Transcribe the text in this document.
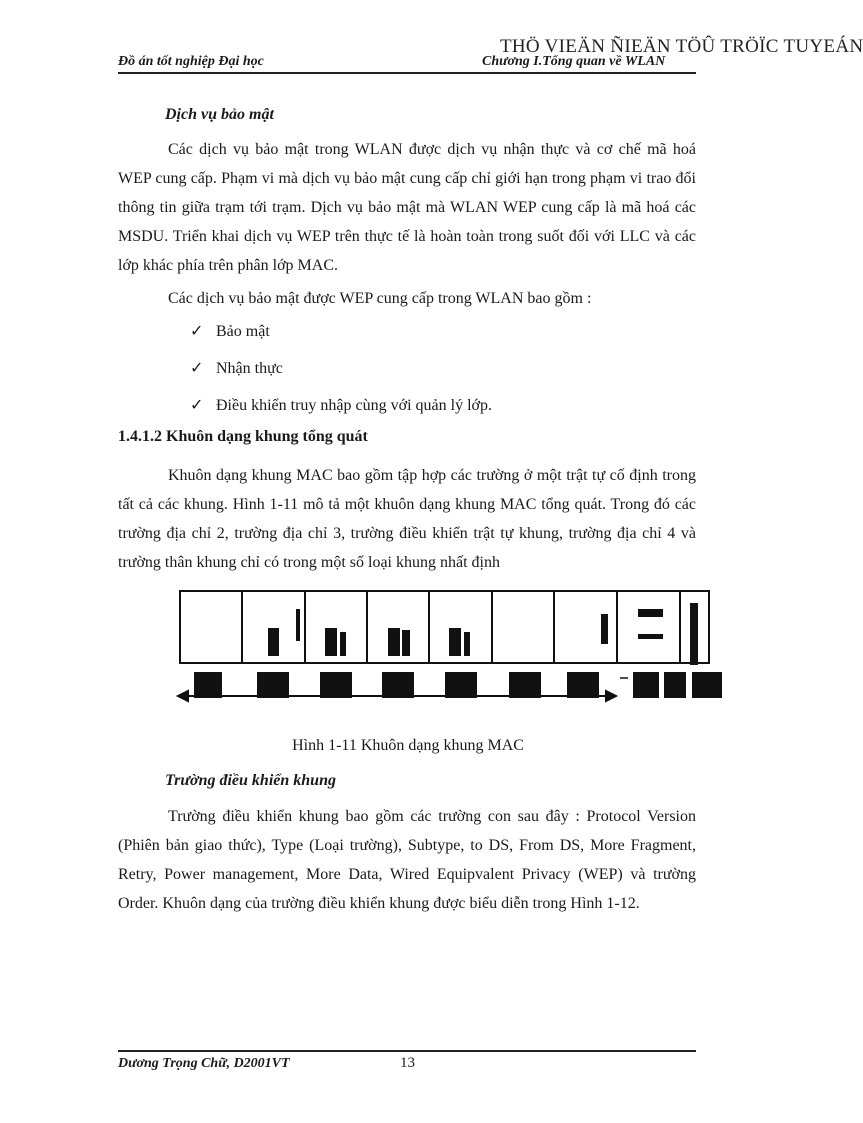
THÖ VIEÄN ÑIEÄN TÖÛ TRÖÏC TUYEÁN
Đồ án tốt nghiệp Đại học	Chương I.Tổng quan về WLAN
Dịch vụ bảo mật

Các dịch vụ bảo mật trong WLAN được dịch vụ nhận thực và cơ chế mã hoá WEP cung cấp. Phạm vi mà dịch vụ bảo mật cung cấp chỉ giới hạn trong phạm vi trao đổi thông tin giữa trạm tới trạm. Dịch vụ bảo mật mà WLAN WEP cung cấp là mã hoá các MSDU. Triển khai dịch vụ WEP trên thực tế là hoàn toàn trong suốt đối với LLC và các lớp khác phía trên phân lớp MAC.

Các dịch vụ bảo mật được WEP cung cấp trong WLAN bao gồm :

✓ Bảo mật
✓ Nhận thực
✓ Điều khiển truy nhập cùng với quản lý lớp.
1.4.1.2 Khuôn dạng khung tổng quát

Khuôn dạng khung MAC bao gồm tập hợp các trường ở một trật tự cố định trong tất cả các khung. Hình 1-11 mô tả một khuôn dạng khung MAC tổng quát. Trong đó các trường địa chỉ 2, trường địa chỉ 3, trường điều khiển trật tự khung, trường địa chỉ 4 và trường thân khung chỉ có trong một số loại khung nhất định

Hình 1-11 Khuôn dạng khung MAC
Trường điều khiển khung

Trường điều khiển khung bao gồm các trường con sau đây : Protocol Version (Phiên bản giao thức), Type (Loại trường), Subtype, to DS, From DS, More Fragment, Retry, Power management, More Data, Wired Equipvalent Privacy (WEP) và trường Order. Khuôn dạng của trường điều khiển khung được biểu diễn trong Hình 1-12.

Dương Trọng Chữ, D2001VT	13
